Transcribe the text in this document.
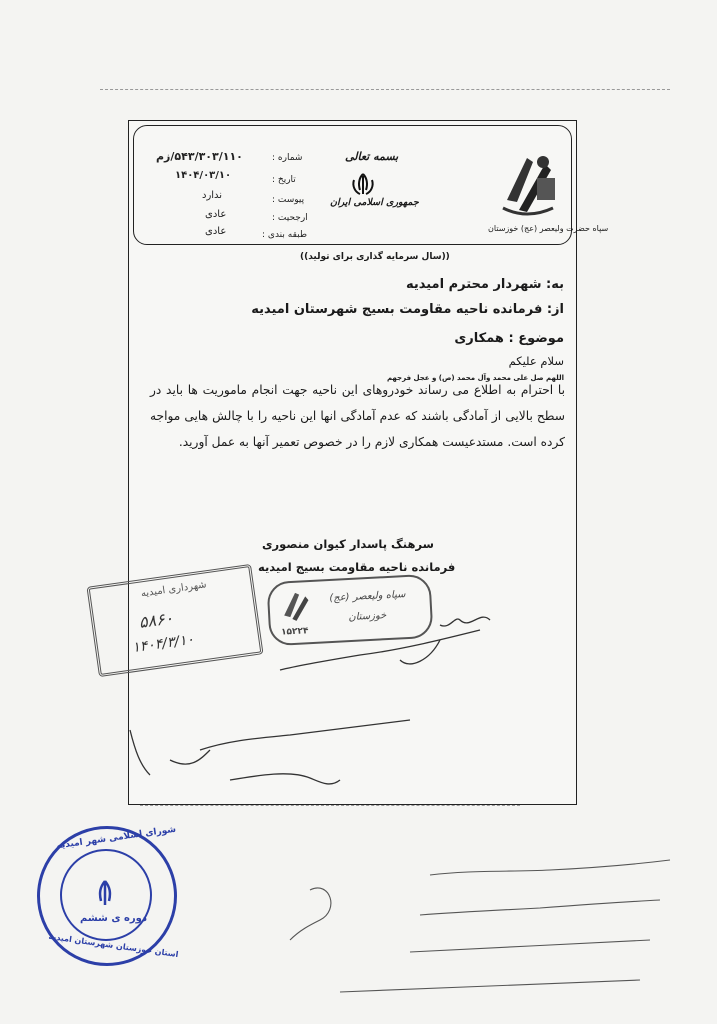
سپاه حضرت ولیعصر (عج) خوزستان
بسمه تعالی
جمهوری اسلامی ایران
شماره :
۵۴۳/۳۰۳/۱۱۰/زم
تاریخ :
۱۴۰۴/۰۳/۱۰
پیوست :
ندارد
ارجحیت :
عادی
طبقه بندی :
عادی
((سال سرمایه گذاری برای تولید))
به: شهردار محترم امیدیه
از: فرمانده ناحیه مقاومت بسیج شهرستان امیدیه
موضوع : همکاری
سلام علیکم
اللهم صل علی محمد وآل محمد (ص) و عجل فرجهم
با احترام به اطلاع می رساند خودروهای این ناحیه جهت انجام ماموریت ها باید در سطح بالایی از آمادگی باشند که عدم آمادگی انها این ناحیه را با چالش هایی مواجه کرده است. مستدعیست همکاری لازم را در خصوص تعمیر آنها به عمل آورید.
سرهنگ پاسدار کیوان منصوری
فرمانده ناحیه مقاومت بسیج امیدیه
سپاه ولیعصر (عج)
خوزستان
۱۵۲۲۴
شهرداری امیدیه
۵۸۶۰
۱۴۰۴/۳/۱۰
شورای اسلامی شهر امیدیه
دوره ی ششم
استان خوزستان شهرستان امیدیه
